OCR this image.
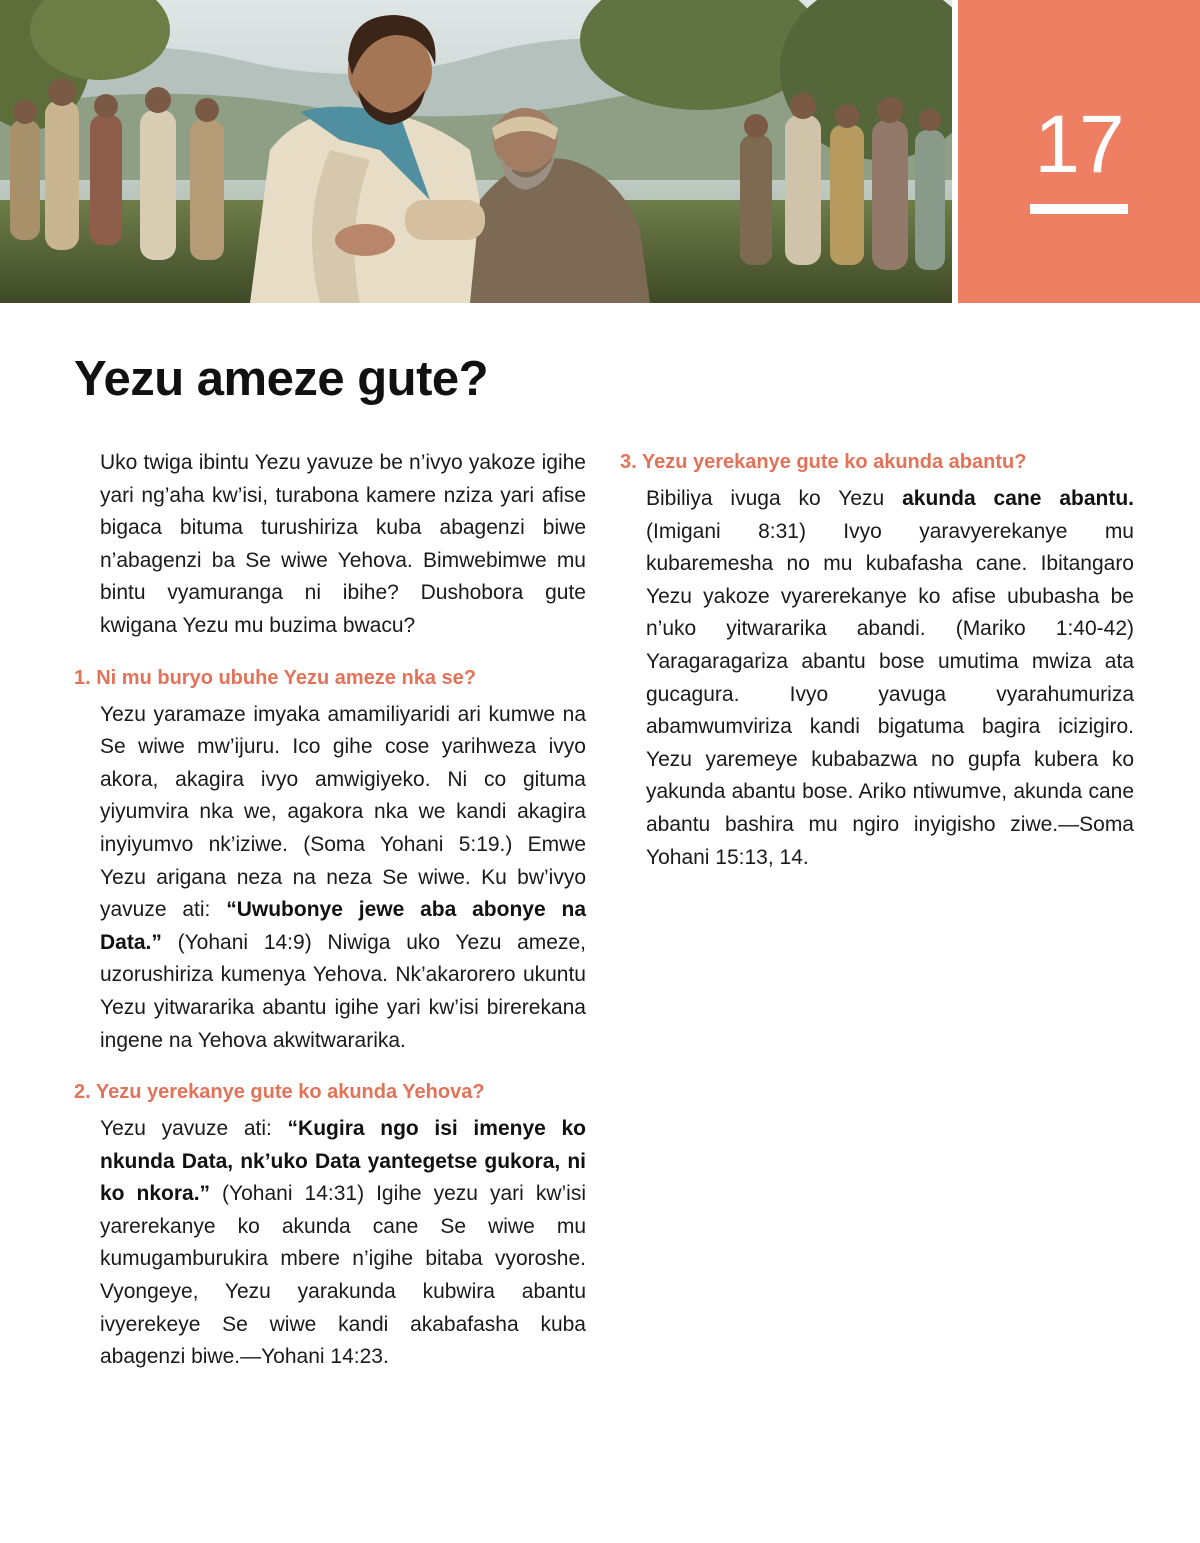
17
Yezu ameze gute?

Uko twiga ibintu Yezu yavuze be n’ivyo yakoze igihe yari ng’aha kw’isi, turabona kamere nziza yari afise bigaca bituma turushiriza kuba abagenzi biwe n’abagenzi ba Se wiwe Yehova. Bimwebimwe mu bintu vyamuranga ni ibihe? Dushobora gute kwigana Yezu mu buzima bwacu?

1. Ni mu buryo ubuhe Yezu ameze nka se?

Yezu yaramaze imyaka amamiliyaridi ari kumwe na Se wiwe mw’ijuru. Ico gihe cose yarihweza ivyo akora, akagira ivyo amwigiyeko. Ni co gituma yiyumvira nka we, agakora nka we kandi akagira inyiyumvo nk’iziwe. (Soma Yohani 5:19.) Emwe Yezu arigana neza na neza Se wiwe. Ku bw’ivyo yavuze ati: “Uwubonye jewe aba abonye na Data.” (Yohani 14:9) Niwiga uko Yezu ameze, uzorushiriza kumenya Yehova. Nk’akarorero ukuntu Yezu yitwararika abantu igihe yari kw’isi birerekana ingene na Yehova akwitwararika.

2. Yezu yerekanye gute ko akunda Yehova?

Yezu yavuze ati: “Kugira ngo isi imenye ko nkunda Data, nk’uko Data yantegetse gukora, ni ko nkora.” (Yohani 14:31) Igihe yezu yari kw’isi yarerekanye ko akunda cane Se wiwe mu kumugamburukira mbere n’igihe bitaba vyoroshe. Vyongeye, Yezu yarakunda kubwira abantu ivyerekeye Se wiwe kandi akabafasha kuba abagenzi biwe.—Yohani 14:23.

3. Yezu yerekanye gute ko akunda abantu?

Bibiliya ivuga ko Yezu akunda cane abantu. (Imigani 8:31) Ivyo yaravyerekanye mu kubaremesha no mu kubafasha cane. Ibitangaro Yezu yakoze vyarerekanye ko afise ububasha be n’uko yitwararika abandi. (Mariko 1:40-42) Yaragaragariza abantu bose umutima mwiza ata gucagura. Ivyo yavuga vyarahumuriza abamwumviriza kandi bigatuma bagira icizigiro. Yezu yaremeye kubabazwa no gupfa kubera ko yakunda abantu bose. Ariko ntiwumve, akunda cane abantu bashira mu ngiro inyigisho ziwe.—Soma Yohani 15:13, 14.
